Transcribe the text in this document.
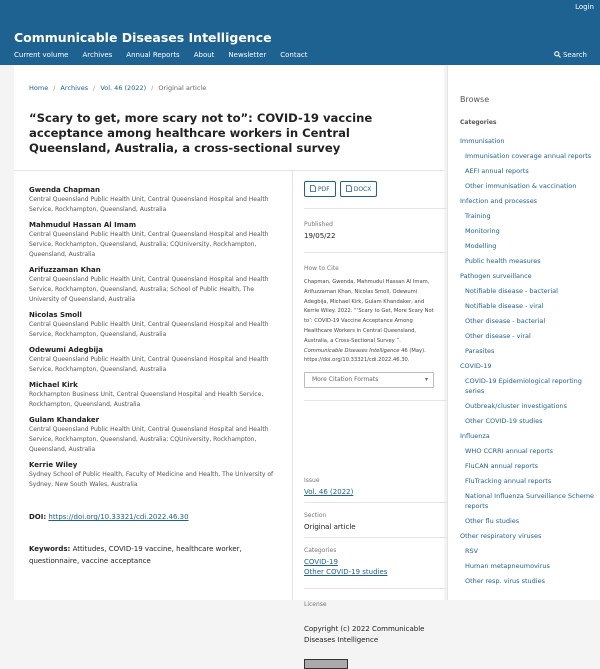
Login
Communicable Diseases Intelligence
Current volume Archives Annual Reports About Newsletter Contact	Search
Home / Archives / Vol. 46 (2022) / Original article
“Scary to get, more scary not to”: COVID-19 vaccine acceptance among healthcare workers in Central Queensland, Australia, a cross-sectional survey
Gwenda Chapman
Central Queensland Public Health Unit, Central Queensland Hospital and Health Service, Rockhampton, Queensland, Australia
Mahmudul Hassan Al Imam
Central Queensland Public Health Unit, Central Queensland Hospital and Health Service, Rockhampton, Queensland, Australia; CQUniversity, Rockhampton, Queensland, Australia
Arifuzzaman Khan
Central Queensland Public Health Unit, Central Queensland Hospital and Health Service, Rockhampton, Queensland, Australia; School of Public Health, The University of Queensland, Australia
Nicolas Smoll
Central Queensland Public Health Unit, Central Queensland Hospital and Health Service, Rockhampton, Queensland, Australia
Odewumi Adegbija
Central Queensland Public Health Unit, Central Queensland Hospital and Health Service, Rockhampton, Queensland, Australia
Michael Kirk
Rockhampton Business Unit, Central Queensland Hospital and Health Service, Rockhampton, Queensland, Australia
Gulam Khandaker
Central Queensland Public Health Unit, Central Queensland Hospital and Health Service, Rockhampton, Queensland, Australia; CQUniversity, Rockhampton, Queensland, Australia
Kerrie Wiley
Sydney School of Public Health, Faculty of Medicine and Health, The University of Sydney, New South Wales, Australia
DOI: https://doi.org/10.33321/cdi.2022.46.30
Keywords: Attitudes, COVID-19 vaccine, healthcare worker, questionnaire, vaccine acceptance
PDF	DOCX
Published
19/05/22
How to Cite
Chapman, Gwenda, Mahmudul Hassan Al Imam, Arifuzzaman Khan, Nicolas Smoll, Odewumi Adegbija, Michael Kirk, Gulam Khandaker, and Kerrie Wiley. 2022. “‘Scary to Get, More Scary Not to’: COVID-19 Vaccine Acceptance Among Healthcare Workers in Central Queensland, Australia, a Cross-Sectional Survey ”. Communicable Diseases Intelligence 46 (May). https://doi.org/10.33321/cdi.2022.46.30.
More Citation Formats	▾
Issue
Vol. 46 (2022)
Section
Original article
Categories
COVID-19
Other COVID-19 studies
License
Copyright (c) 2022 Communicable Diseases Intelligence
Browse
Categories
Immunisation
Immunisation coverage annual reports
AEFI annual reports
Other immunisation & vaccination
Infection and processes
Training
Monitoring
Modelling
Public health measures
Pathogen surveillance
Notifiable disease - bacterial
Notifiable disease - viral
Other disease - bacterial
Other disease - viral
Parasites
COVID-19
COVID-19 Epidemiological reporting series
Outbreak/cluster investigations
Other COVID-19 studies
Influenza
WHO CCRRI annual reports
FluCAN annual reports
FluTracking annual reports
National Influenza Surveillance Scheme reports
Other flu studies
Other respiratory viruses
RSV
Human metapneumovirus
Other resp. virus studies
